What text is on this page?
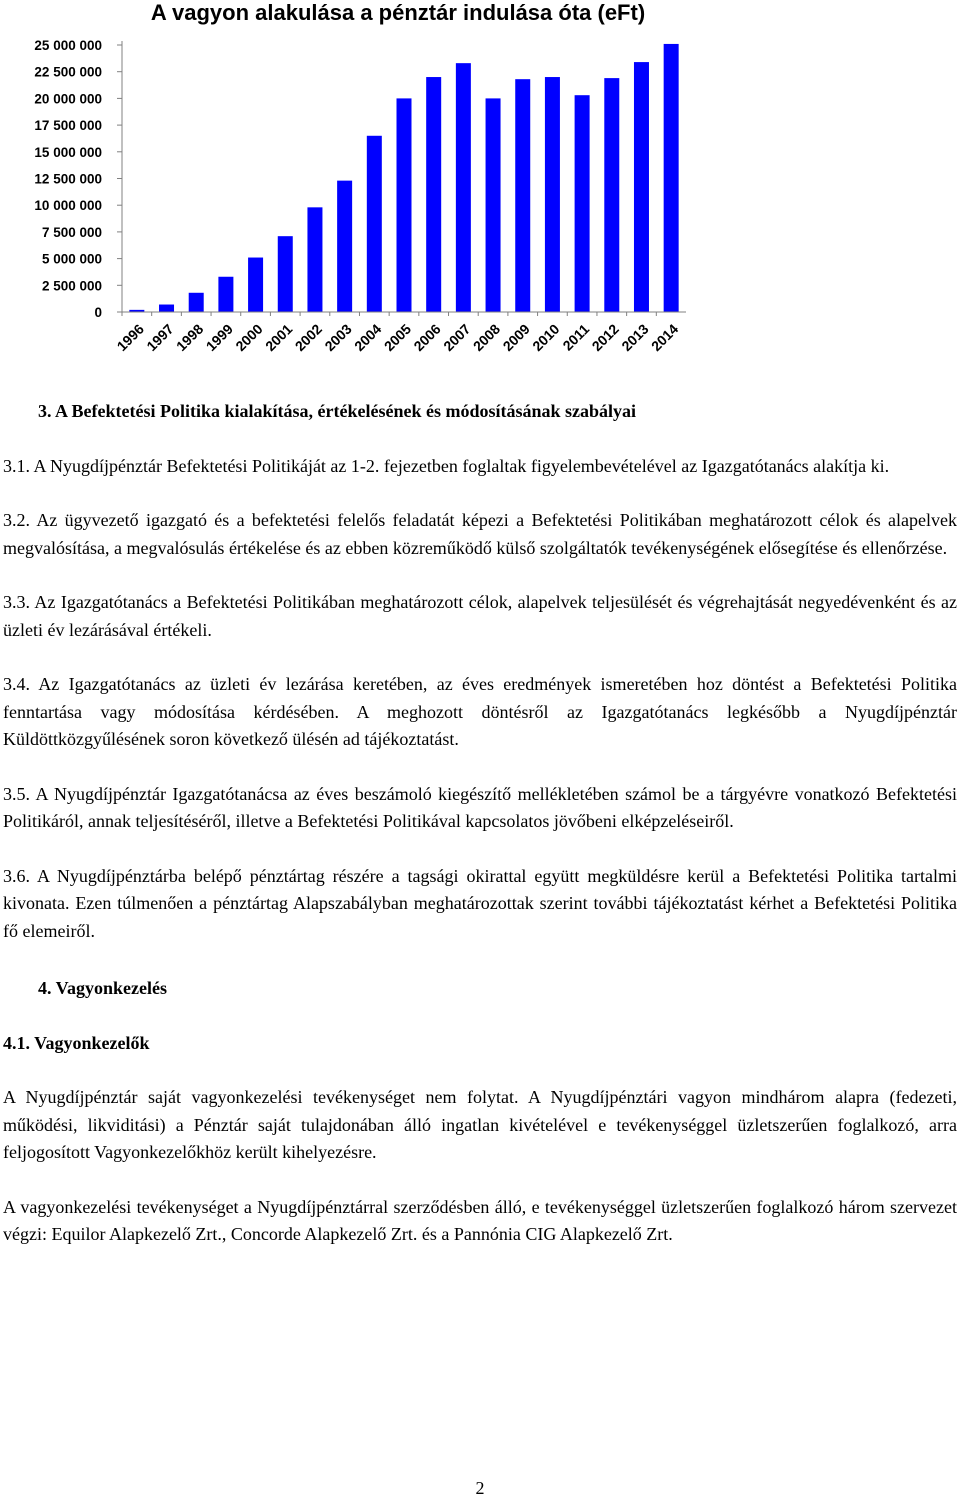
A vagyon alakulása a pénztár indulása óta (eFt)
0
2 500 000
5 000 000
7 500 000
10 000 000
12 500 000
15 000 000
17 500 000
20 000 000
22 500 000
25 000 000
1996
1997
1998
1999
2000
2001
2002
2003
2004
2005
2006
2007
2008
2009
2010
2011
2012
2013
2014

3. A Befektetési Politika kialakítása, értékelésének és módosításának szabályai

3.1. A Nyugdíjpénztár Befektetési Politikáját az 1-2. fejezetben foglaltak figyelembevételével az Igazgatótanács alakítja ki.

3.2. Az ügyvezető igazgató és a befektetési felelős feladatát képezi a Befektetési Politikában meghatározott célok és alapelvek megvalósítása, a megvalósulás értékelése és az ebben közreműködő külső szolgáltatók tevékenységének elősegítése és ellenőrzése.

3.3. Az Igazgatótanács a Befektetési Politikában meghatározott célok, alapelvek teljesülését és végrehajtását negyedévenként és az üzleti év lezárásával értékeli.

3.4. Az Igazgatótanács az üzleti év lezárása keretében, az éves eredmények ismeretében hoz döntést a Befektetési Politika fenntartása vagy módosítása kérdésében. A meghozott döntésről az Igazgatótanács legkésőbb a Nyugdíjpénztár Küldöttközgyűlésének soron következő ülésén ad tájékoztatást.

3.5. A Nyugdíjpénztár Igazgatótanácsa az éves beszámoló kiegészítő mellékletében számol be a tárgyévre vonatkozó Befektetési Politikáról, annak teljesítéséről, illetve a Befektetési Politikával kapcsolatos jövőbeni elképzeléseiről.

3.6. A Nyugdíjpénztárba belépő pénztártag részére a tagsági okirattal együtt megküldésre kerül a Befektetési Politika tartalmi kivonata. Ezen túlmenően a pénztártag Alapszabályban meghatározottak szerint további tájékoztatást kérhet a Befektetési Politika fő elemeiről.

4. Vagyonkezelés

4.1. Vagyonkezelők

A Nyugdíjpénztár saját vagyonkezelési tevékenységet nem folytat. A Nyugdíjpénztári vagyon mindhárom alapra (fedezeti, működési, likviditási) a Pénztár saját tulajdonában álló ingatlan kivételével e tevékenységgel üzletszerűen foglalkozó, arra feljogosított Vagyonkezelőkhöz került kihelyezésre.

A vagyonkezelési tevékenységet a Nyugdíjpénztárral szerződésben álló, e tevékenységgel üzletszerűen foglalkozó három szervezet végzi: Equilor Alapkezelő Zrt., Concorde Alapkezelő Zrt. és a Pannónia CIG Alapkezelő Zrt.

2
